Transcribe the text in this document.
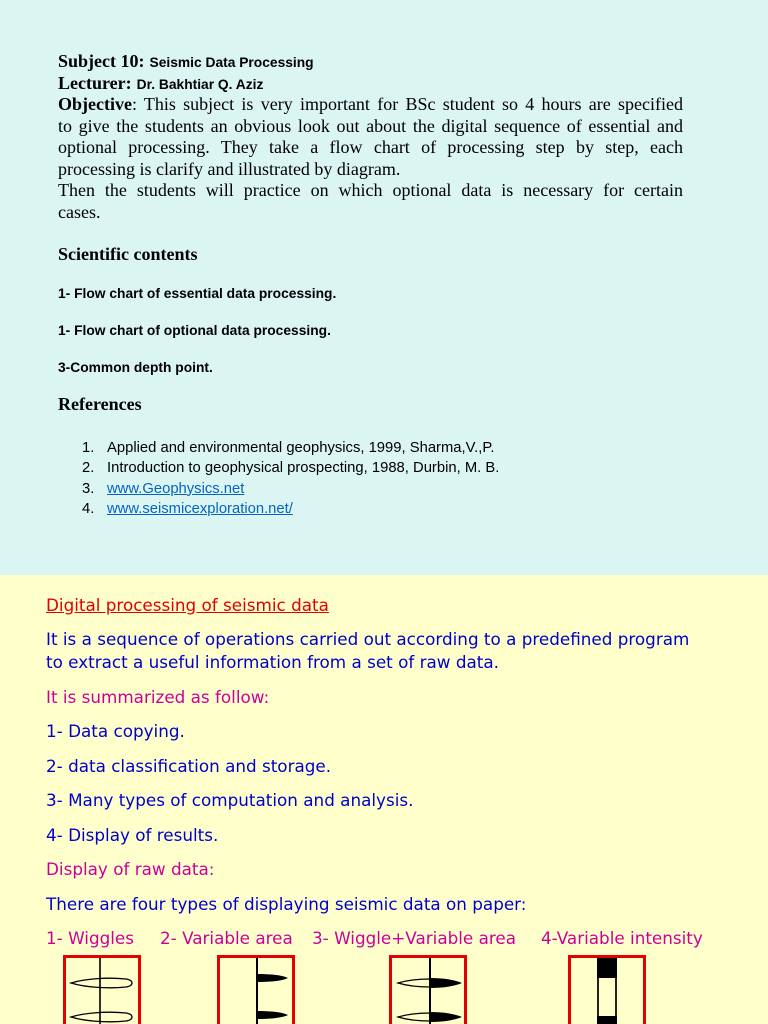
Subject 10: Seismic Data Processing
Lecturer: Dr. Bakhtiar Q. Aziz
Objective: This subject is very important for BSc student so 4 hours are specified
to give the students an obvious look out about the digital sequence of essential and
optional processing. They take a flow chart of processing step by step, each
processing is clarify and illustrated by diagram.
Then the students will practice on which optional data is necessary for certain
cases.
Scientific contents
1- Flow chart of essential data processing.
1- Flow chart of optional data processing.
3-Common depth point.
References
1. Applied and environmental geophysics, 1999, Sharma,V.,P.
2. Introduction to geophysical prospecting, 1988, Durbin, M. B.
3. www.Geophysics.net
4. www.seismicexploration.net/
Digital processing of seismic data
It is a sequence of operations carried out according to a predefined program
to extract a useful information from a set of raw data.
It is summarized as follow:
1- Data copying.
2- data classification and storage.
3- Many types of computation and analysis.
4- Display of results.
Display of raw data:
There are four types of displaying seismic data on paper:
1- Wiggles 2- Variable area 3- Wiggle+Variable area 4-Variable intensity
